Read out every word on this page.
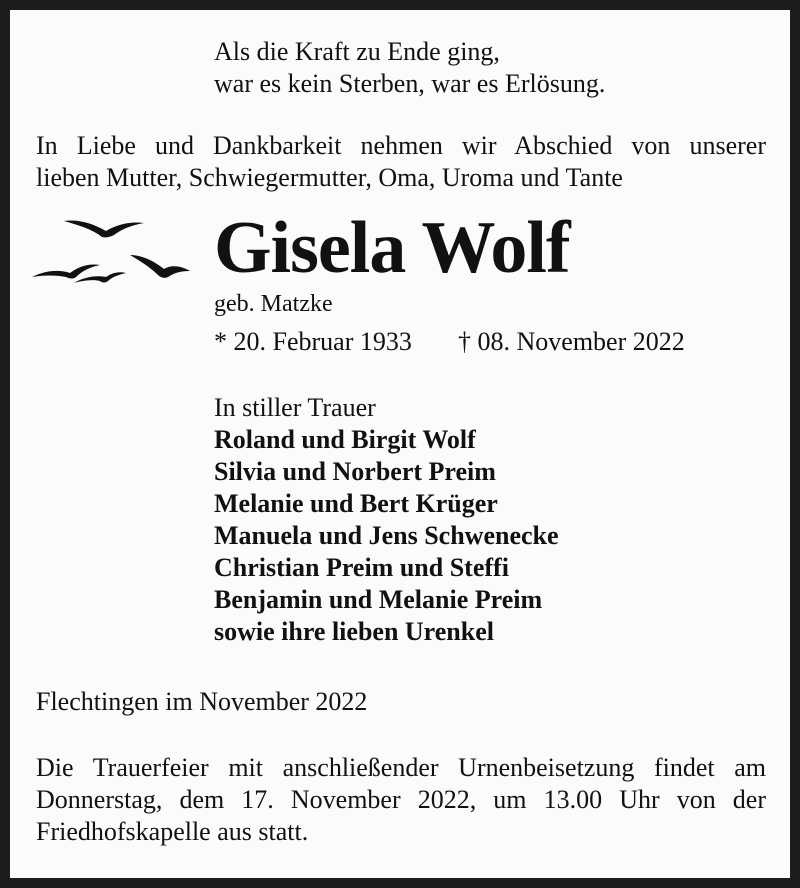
Als die Kraft zu Ende ging,
war es kein Sterben, war es Erlösung.
In Liebe und Dankbarkeit nehmen wir Abschied von unserer
lieben Mutter, Schwiegermutter, Oma, Uroma und Tante
Gisela Wolf
geb. Matzke
* 20. Februar 1933 † 08. November 2022
In stiller Trauer
Roland und Birgit Wolf
Silvia und Norbert Preim
Melanie und Bert Krüger
Manuela und Jens Schwenecke
Christian Preim und Steffi
Benjamin und Melanie Preim
sowie ihre lieben Urenkel
Flechtingen im November 2022
Die Trauerfeier mit anschließender Urnenbeisetzung findet am
Donnerstag, dem 17. November 2022, um 13.00 Uhr von der
Friedhofskapelle aus statt.
